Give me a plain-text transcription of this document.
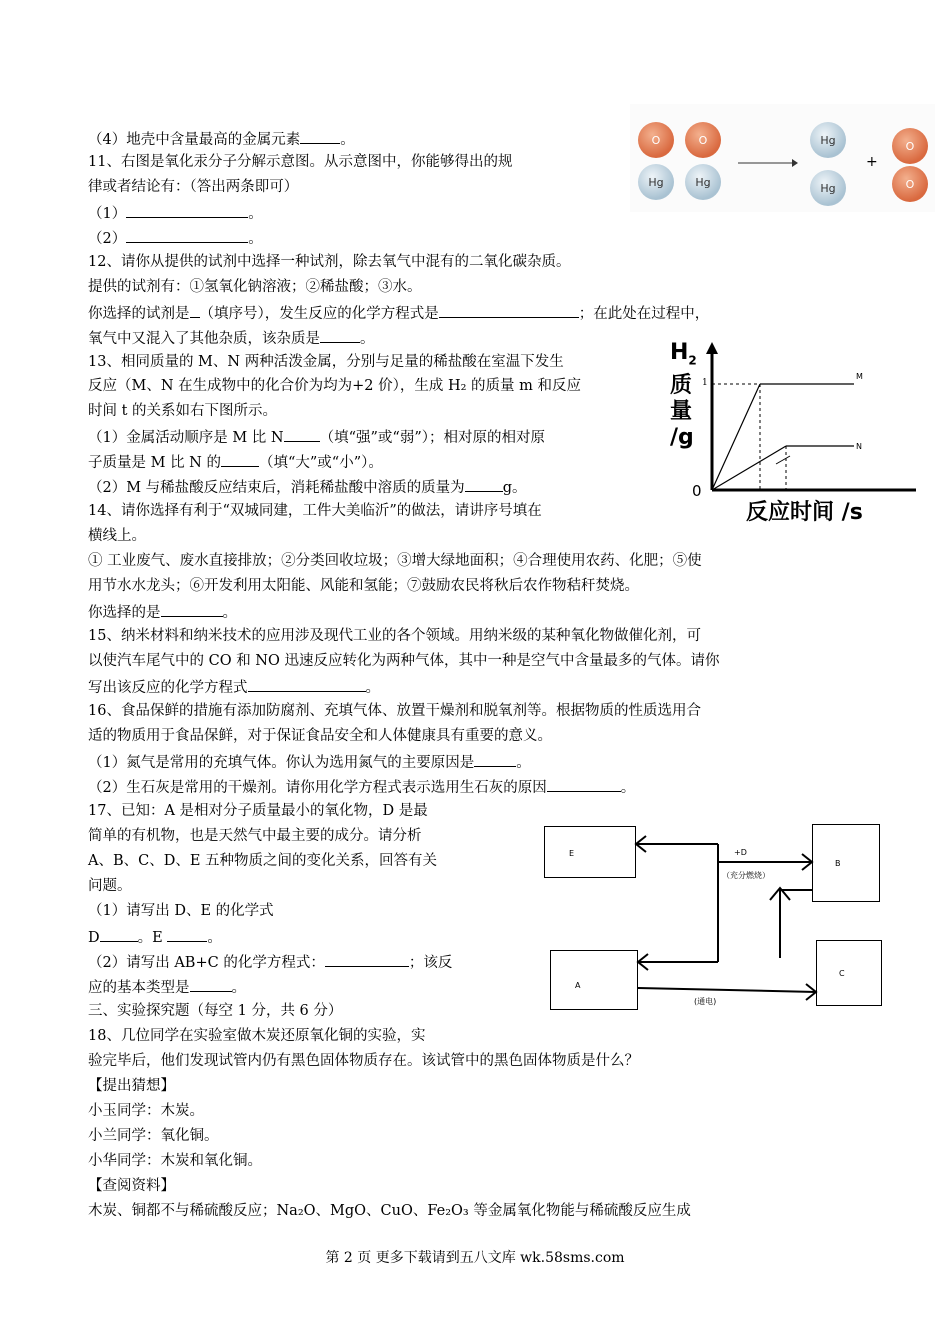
（4）地壳中含量最高的金属元素	。
11、右图是氧化汞分子分解示意图。从示意图中，你能够得出的规
律或者结论有：（答出两条即可）
（1）	。
（2）	。
12、请你从提供的试剂中选择一种试剂，除去氧气中混有的二氧化碳杂质。
提供的试剂有：①氢氧化钠溶液；②稀盐酸；③水。
你选择的试剂是 （填序号），发生反应的化学方程式是	；在此处在过程中，
氧气中又混入了其他杂质，该杂质是	。
13、相同质量的 M、N 两种活泼金属，分别与足量的稀盐酸在室温下发生
反应（M、N 在生成物中的化合价为均为+2 价），生成 H₂ 的质量 m 和反应
时间 t 的关系如右下图所示。
（1）金属活动顺序是 M 比 N （填“强”或“弱”）；相对原的相对原
子质量是 M 比 N 的	（填“大”或“小”）。
（2）M 与稀盐酸反应结束后，消耗稀盐酸中溶质的质量为	g。
14、请你选择有利于“双城同建，工件大美临沂”的做法，请讲序号填在
横线上。
① 工业废气、废水直接排放；②分类回收垃圾；③增大绿地面积；④合理使用农药、化肥；⑤使
用节水水龙头；⑥开发利用太阳能、风能和氢能；⑦鼓励农民将秋后农作物秸秆焚烧。
你选择的是	。
15、纳米材料和纳米技术的应用涉及现代工业的各个领域。用纳米级的某种氧化物做催化剂，可
以使汽车尾气中的 CO 和 NO 迅速反应转化为两种气体，其中一种是空气中含量最多的气体。请你
写出该反应的化学方程式	。
16、食品保鲜的措施有添加防腐剂、充填气体、放置干燥剂和脱氧剂等。根据物质的性质选用合
适的物质用于食品保鲜，对于保证食品安全和人体健康具有重要的意义。
（1）氮气是常用的充填气体。你认为选用氮气的主要原因是	。
（2）生石灰是常用的干燥剂。请你用化学方程式表示选用生石灰的原因	。
17、已知：A 是相对分子质量最小的氧化物，D 是最
简单的有机物，也是天然气中最主要的成分。请分析
A、B、C、D、E 五种物质之间的变化关系，回答有关
问题。
（1）请写出 D、E 的化学式
D	。E	。
（2）请写出 AB+C 的化学方程式：	；该反
应的基本类型是	。
三、实验探究题（每空 1 分，共 6 分）
18、几位同学在实验室做木炭还原氧化铜的实验，实
验完毕后，他们发现试管内仍有黑色固体物质存在。该试管中的黑色固体物质是什么？
【提出猜想】
小玉同学：木炭。
小兰同学：氧化铜。
小华同学：木炭和氧化铜。
【查阅资料】
木炭、铜都不与稀硫酸反应；Na₂O、MgO、CuO、Fe₂O₃ 等金属氧化物能与稀硫酸反应生成
O	O
Hg	Hg
Hg
Hg
+
O
O
$H_2$
质
量
/g
M
N
1
0
反应时间 /s
E
B
A
C
+D
（充分燃烧）
(通电)
第 2 页 更多下载请到五八文库 wk.58sms.com
